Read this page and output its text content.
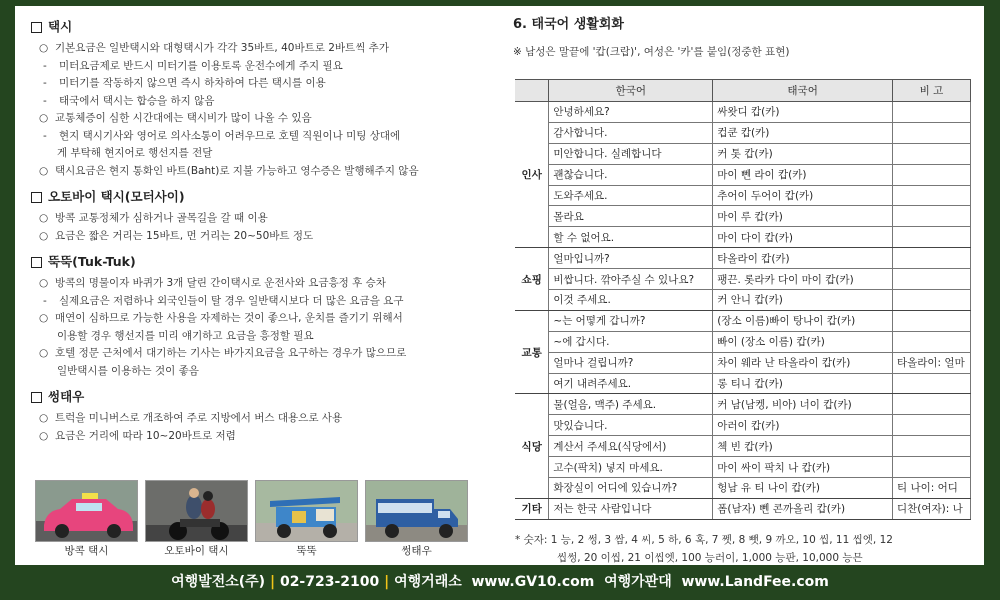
택시
○ 기본요금은 일반택시와 대형택시가 각각 35바트, 40바트로 2바트씩 추가
- 미터요금제로 반드시 미터기를 이용토록 운전수에게 주지 필요
- 미터기를 작동하지 않으면 즉시 하차하여 다른 택시를 이용
- 태국에서 택시는 합승을 하지 않음
○ 교통체증이 심한 시간대에는 택시비가 많이 나올 수 있음
- 현지 택시기사와 영어로 의사소통이 어려우므로 호텔 직원이나 미팅 상대에
게 부탁해 현지어로 행선지를 전달
○ 택시요금은 현지 통화인 바트(Baht)로 지불 가능하고 영수증은 발행해주지 않음
오토바이 택시(모터사이)
○ 방콕 교통정체가 심하거나 골목길을 갈 때 이용
○ 요금은 짧은 거리는 15바트, 먼 거리는 20~50바트 정도
뚝뚝(Tuk-Tuk)
○ 방콕의 명물이자 바퀴가 3개 달린 간이택시로 운전사와 요금흥정 후 승차
- 실제요금은 저렴하나 외국인들이 탈 경우 일반택시보다 더 많은 요금을 요구
○ 매연이 심하므로 가능한 사용을 자제하는 것이 좋으나, 운치를 즐기기 위해서
이용할 경우 행선지를 미리 얘기하고 요금을 흥정할 필요
○ 호텔 정문 근처에서 대기하는 기사는 바가지요금을 요구하는 경우가 많으므로
일반택시를 이용하는 것이 좋음
썽태우
○ 트럭을 미니버스로 개조하여 주로 지방에서 버스 대용으로 사용
○ 요금은 거리에 따라 10~20바트로 저렴
방콕 택시	오토바이 택시	뚝뚝	썽태우
6. 태국어 생활회화
※ 남성은 말끝에 '캅(크랍)', 여성은 '카'를 붙임(정중한 표현)
	한국어	태국어	비 고
인사	안녕하세요?	싸왓디 캅(카)	
	감사합니다.	컵쿤 캅(카)	
	미안합니다. 실례합니다	커 톳 캅(카)	
	괜찮습니다.	마이 뻰 라이 캅(카)	
	도와주세요.	추어이 두어이 캅(카)	
	몰라요	마이 루 캅(카)	
	할 수 없어요.	마이 다이 캅(카)	
쇼핑	얼마입니까?	타올라이 캅(카)	
	비쌉니다. 깎아주실 수 있나요?	팽끈. 롯라카 다이 마이 캅(카)	
	이것 주세요.	커 안니 캅(카)	
교통	~는 어떻게 갑니까?	(장소 이름)빠이 탕나이 캅(카)	
	~에 갑시다.	빠이 (장소 이름) 캅(카)	
	얼마나 걸립니까?	차이 웨라 난 타올라이 캅(카)	타올라이: 얼마
	여기 내려주세요.	롱 티니 캅(카)	
식당	물(얼음, 맥주) 주세요.	커 남(남켕, 비아) 너이 캅(카)	
	맛있습니다.	아러이 캅(카)	
	계산서 주세요(식당에서)	첵 빈 캅(카)	
	고수(팍치) 넣지 마세요.	마이 싸이 팍치 나 캅(카)	
	화장실이 어디에 있습니까?	헝남 유 티 나이 캅(카)	티 나이: 어디
기타	저는 한국 사람입니다	폼(남자) 뻰 콘까올리 캅(카)	디찬(여자): 나
* 숫자: 1 능, 2 썽, 3 쌈, 4 씨, 5 하, 6 혹, 7 쩻, 8 뺏, 9 까오, 10 씹, 11 씹엣, 12
씹썽, 20 이씹, 21 이씹엣, 100 능러이, 1,000 능판, 10,000 능믄
여행발전소(주) | 02-723-2100 | 여행거래소 www.GV10.com 여행가판대 www.LandFee.com
